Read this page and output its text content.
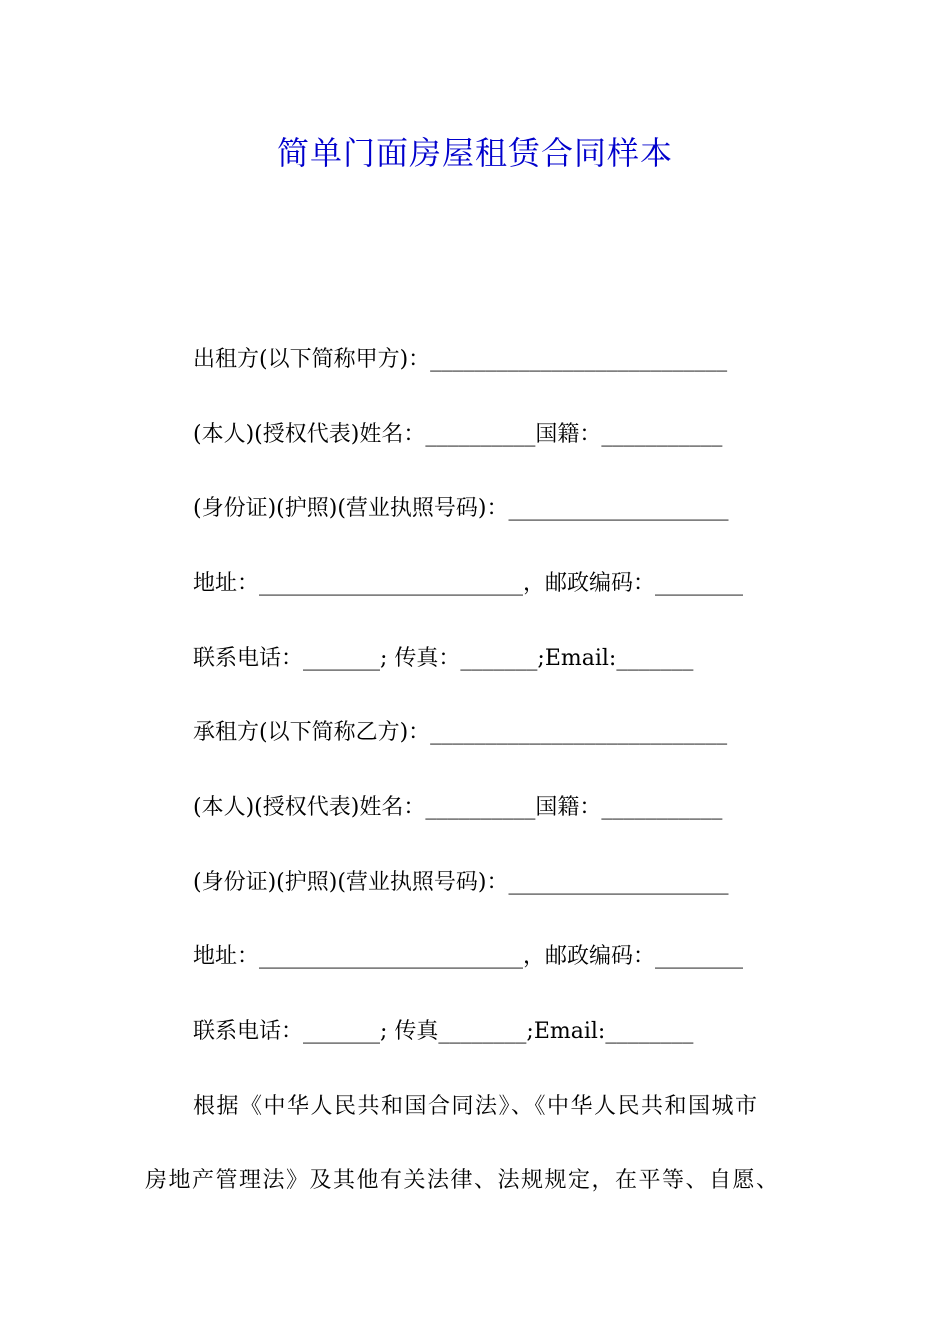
简单门面房屋租赁合同样本
出租方(以下简称甲方)：___________________________
(本人)(授权代表)姓名：__________国籍：___________
(身份证)(护照)(营业执照号码)：____________________
地址：________________________，邮政编码：________
联系电话：_______; 传真：_______;Email:_______
承租方(以下简称乙方)：___________________________
(本人)(授权代表)姓名：__________国籍：___________
(身份证)(护照)(营业执照号码)：____________________
地址：________________________，邮政编码：________
联系电话：_______; 传真________;Email:________
根据《中华人民共和国合同法》、《中华人民共和国城市
房地产管理法》及其他有关法律、法规规定，在平等、自愿、
